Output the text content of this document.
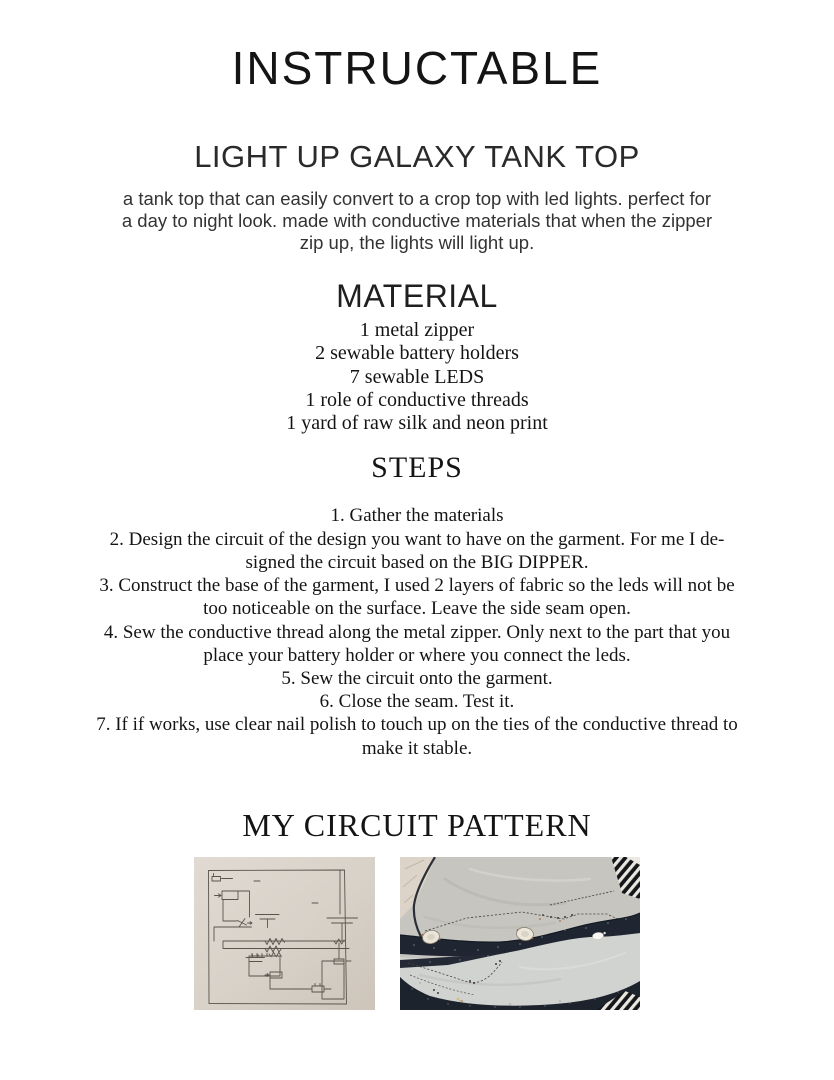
INSTRUCTABLE
LIGHT UP GALAXY TANK TOP
a tank top that can easily convert to a crop top with led lights. perfect for
a day to night look. made with conductive materials that when the zipper
zip up, the lights will light up.
MATERIAL
1 metal zipper
2 sewable battery holders
7 sewable LEDS
1 role of conductive threads
1 yard of raw silk and neon print
STEPS
1. Gather the materials
2. Design the circuit of the design you want to have on the garment. For me I de-
signed the circuit based on the BIG DIPPER.
3. Construct the base of the garment, I used 2 layers of fabric so the leds will not be
too noticeable on the surface. Leave the side seam open.
4. Sew the conductive thread along the metal zipper. Only next to the part that you
place your battery holder or where you connect the leds.
5. Sew the circuit onto the garment.
6. Close the seam. Test it.
7. If if works, use clear nail polish to touch up on the ties of the conductive thread to
make it stable.
MY CIRCUIT PATTERN
